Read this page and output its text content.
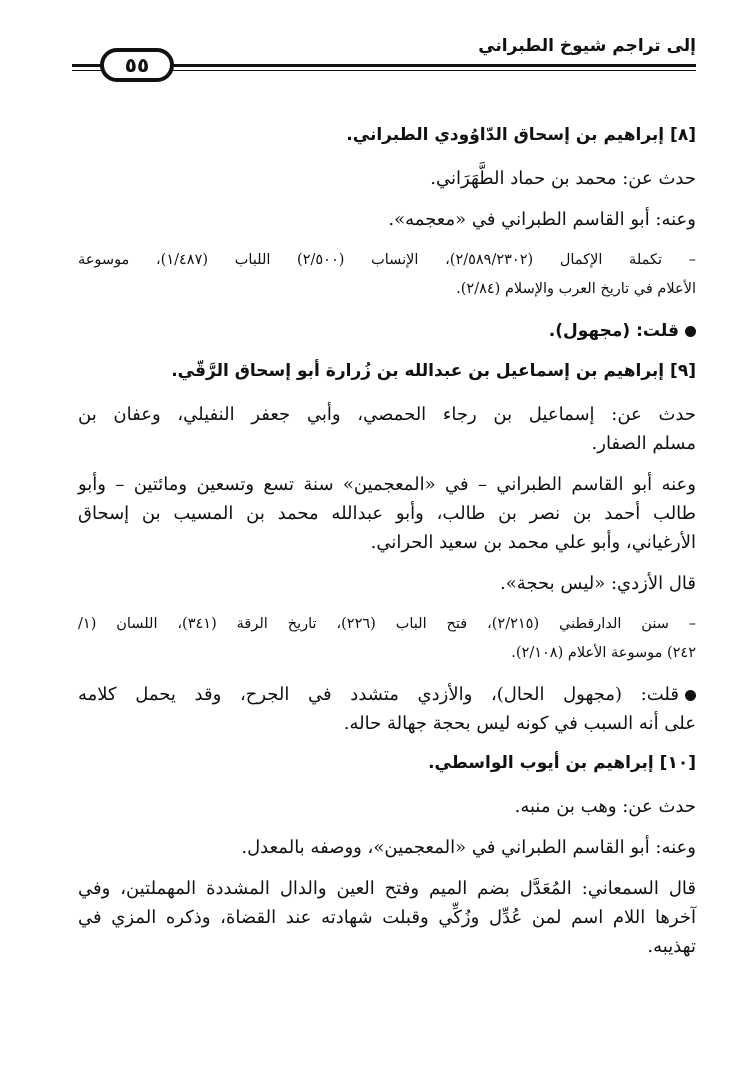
٥٥
إلى تراجم شيوخ الطبراني
[٨] إبراهيم بن إسحاق الدّاوُودي الطبراني.

حدث عن: محمد بن حماد الطَّهَرَاني.

وعنه: أبو القاسم الطبراني في «معجمه».

– تكملة الإكمال (٢/٥٨٩/٢٣٠٢)، الإنساب (٢/٥٠٠) اللباب (١/٤٨٧)، موسوعة

الأعلام في تاريخ العرب والإسلام (٢/٨٤).

قلت: (مجهول).

[٩] إبراهيم بن إسماعيل بن عبدالله بن زُرارة أبو إسحاق الرَّقّي.

حدث عن: إسماعيل بن رجاء الحمصي، وأبي جعفر النفيلي، وعفان بن

مسلم الصفار.

وعنه أبو القاسم الطبراني – في «المعجمين» سنة تسع وتسعين ومائتين – وأبو

طالب أحمد بن نصر بن طالب، وأبو عبدالله محمد بن المسيب بن إسحاق

الأرغياني، وأبو علي محمد بن سعيد الحراني.

قال الأزدي: «ليس بحجة».

– سنن الدارقطني (٢/٢١٥)، فتح الباب (٢٢٦)، تاريخ الرقة (٣٤١)، اللسان (١/

٢٤٢) موسوعة الأعلام (٢/١٠٨).

قلت: (مجهول الحال)، والأزدي متشدد في الجرح، وقد يحمل كلامه

على أنه السبب في كونه ليس بحجة جهالة حاله.

[١٠] إبراهيم بن أيوب الواسطي.

حدث عن: وهب بن منبه.

وعنه: أبو القاسم الطبراني في «المعجمين»، ووصفه بالمعدل.

قال السمعاني: المُعَدَّل بضم الميم وفتح العين والدال المشددة المهملتين، وفي

آخرها اللام اسم لمن عُدِّل وزُكِّي وقبلت شهادته عند القضاة، وذكره المزي في

تهذيبه.
